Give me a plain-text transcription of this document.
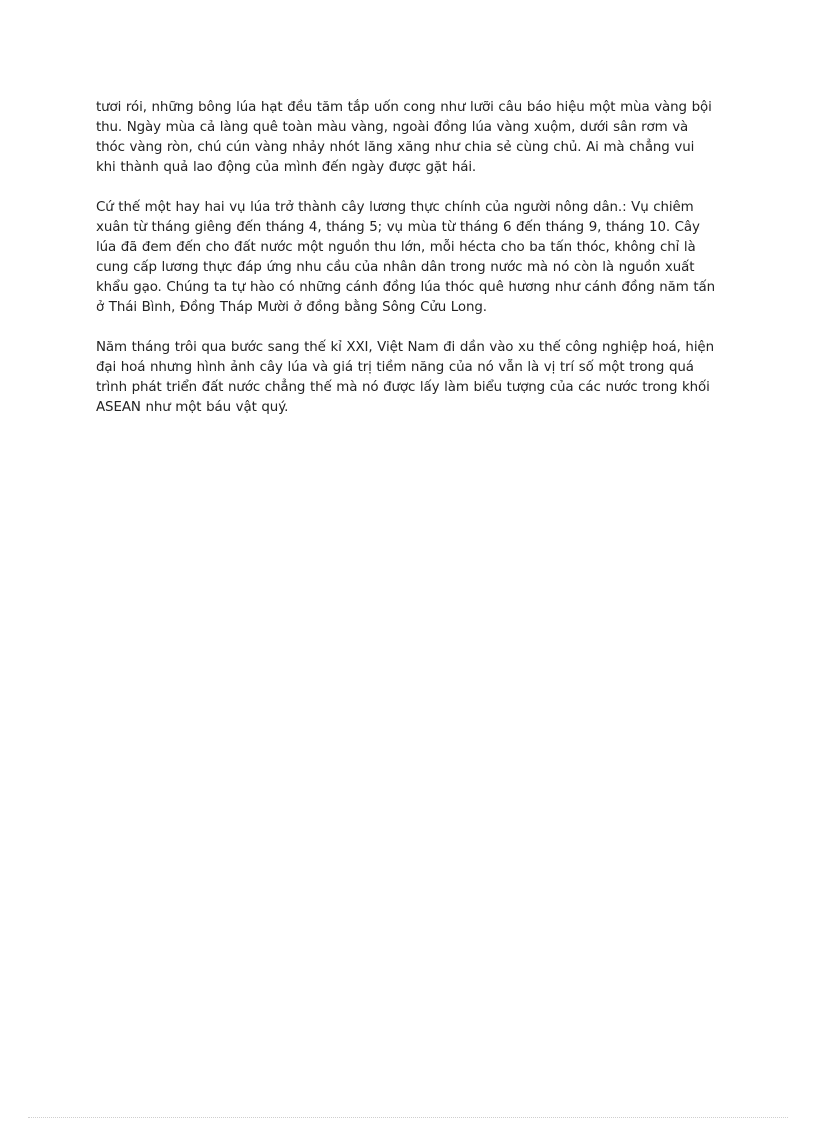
tươi rói, những bông lúa hạt đều tăm tắp uốn cong như lưỡi câu báo hiệu một mùa vàng bội
thu. Ngày mùa cả làng quê toàn màu vàng, ngoài đồng lúa vàng xuộm, dưới sân rơm và
thóc vàng ròn, chú cún vàng nhảy nhót lăng xăng như chia sẻ cùng chủ. Ai mà chẳng vui
khi thành quả lao động của mình đến ngày được gặt hái.

Cứ thế một hay hai vụ lúa trở thành cây lương thực chính của người nông dân.: Vụ chiêm
xuân từ tháng giêng đến tháng 4, tháng 5; vụ mùa từ tháng 6 đến tháng 9, tháng 10. Cây
lúa đã đem đến cho đất nước một nguồn thu lớn, mỗi hécta cho ba tấn thóc, không chỉ là
cung cấp lương thực đáp ứng nhu cầu của nhân dân trong nước mà nó còn là nguồn xuất
khẩu gạo. Chúng ta tự hào có những cánh đồng lúa thóc quê hương như cánh đồng năm tấn
ở Thái Bình, Đồng Tháp Mười ở đồng bằng Sông Cửu Long.

Năm tháng trôi qua bước sang thế kỉ XXI, Việt Nam đi dần vào xu thế công nghiệp hoá, hiện
đại hoá nhưng hình ảnh cây lúa và giá trị tiềm năng của nó vẫn là vị trí số một trong quá
trình phát triển đất nước chẳng thế mà nó được lấy làm biểu tượng của các nước trong khối
ASEAN như một báu vật quý.
